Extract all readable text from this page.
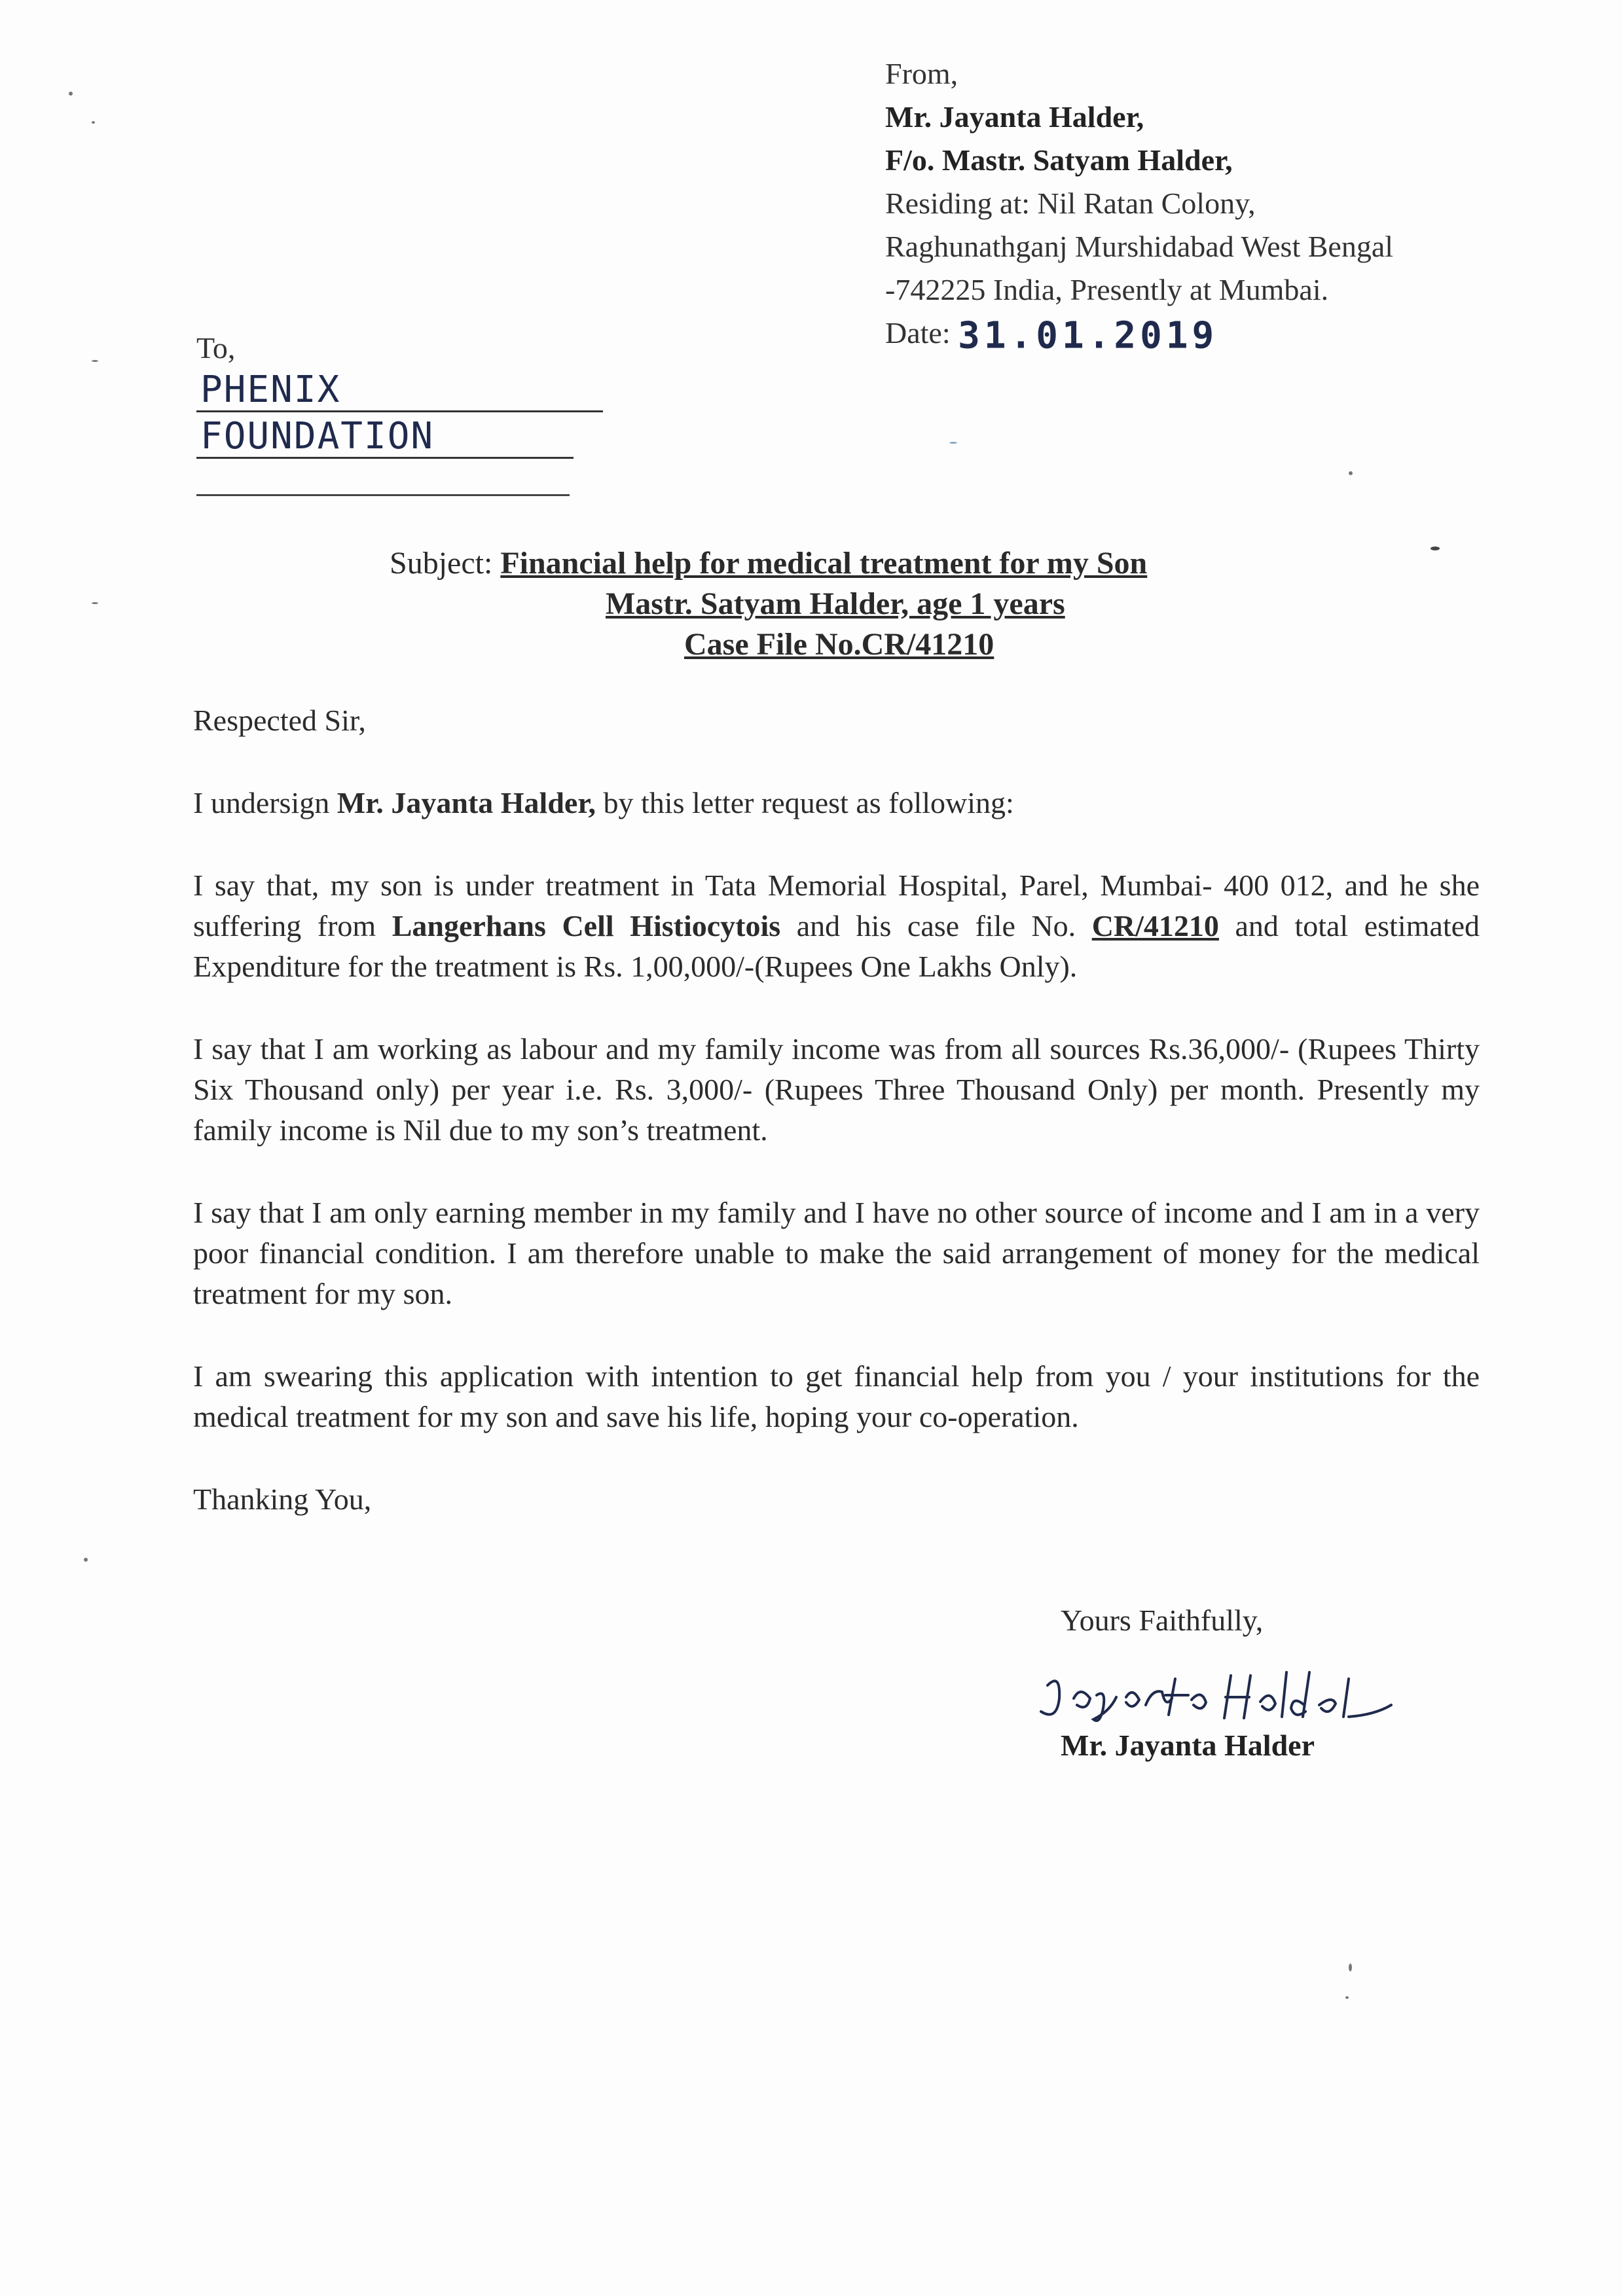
From,
Mr. Jayanta Halder,
F/o. Mastr. Satyam Halder,
Residing at: Nil Ratan Colony,
Raghunathganj Murshidabad West Bengal
-742225 India, Presently at Mumbai.
Date: 31.01.2019
To,
PHENIX
FOUNDATION
Subject: Financial help for medical treatment for my Son
Mastr. Satyam Halder, age 1 years
Case File No.CR/41210

Respected Sir,

I undersign Mr. Jayanta Halder, by this letter request as following:

I say that, my son is under treatment in Tata Memorial Hospital, Parel, Mumbai- 400 012, and he she suffering from Langerhans Cell Histiocytois and his case file No. CR/41210 and total estimated Expenditure for the treatment is Rs. 1,00,000/-(Rupees One Lakhs Only).

I say that I am working as labour and my family income was from all sources Rs.36,000/- (Rupees Thirty Six Thousand only) per year i.e. Rs. 3,000/- (Rupees Three Thousand Only) per month. Presently my family income is Nil due to my son’s treatment.

I say that I am only earning member in my family and I have no other source of income and I am in a very poor financial condition. I am therefore unable to make the said arrangement of money for the medical treatment for my son.

I am swearing this application with intention to get financial help from you / your institutions for the medical treatment for my son and save his life, hoping your co-operation.

Thanking You,

Yours Faithfully,
Mr. Jayanta Halder
